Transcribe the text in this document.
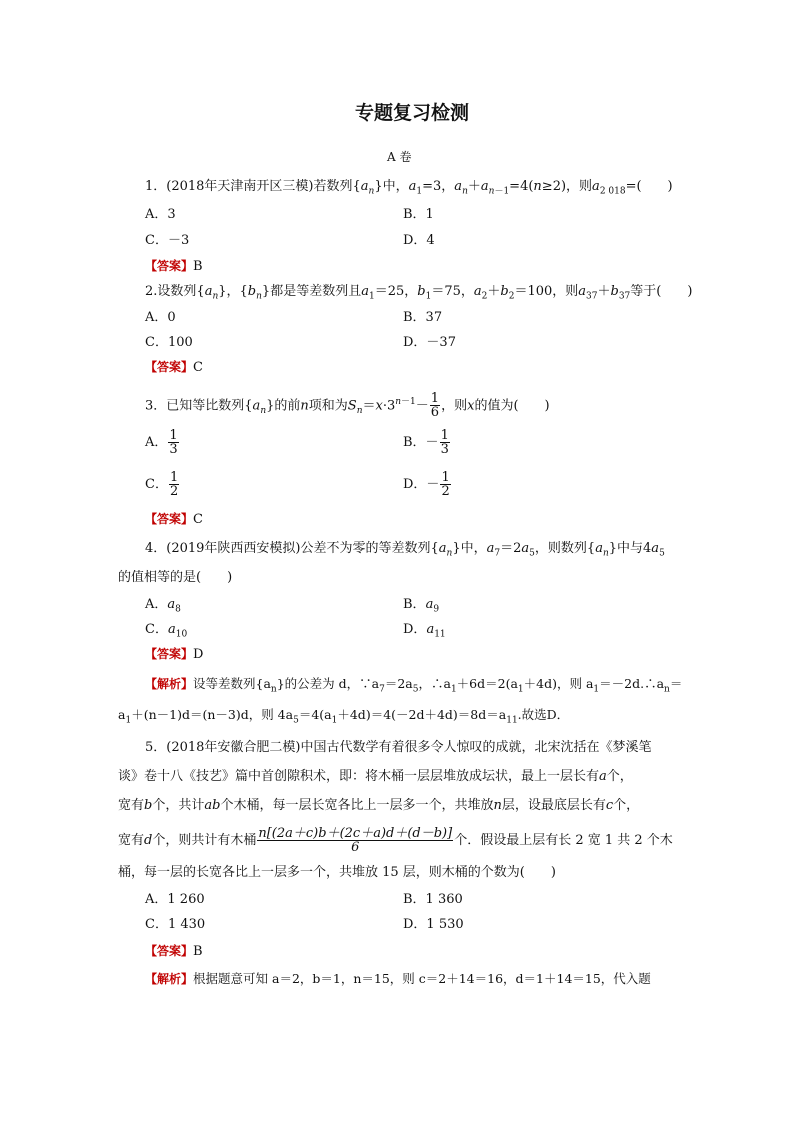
专题复习检测
A 卷
1．(2018年天津南开区三模)若数列$\{a_n\}$中，$a_1=3$，$a_n+a_{n-1}=4(n\ge 2)$，则$a_{2 018}=$(　　)
A．3	B．1
C．－3	D．4
【答案】B
2.设数列$\{a_n\}$，$\{b_n\}$都是等差数列且$a_1=25$，$b_1=75$，$a_2+b_2=100$，则$a_{37}+b_{37}$等于(　　)
A．0	B．37
C．100	D．－37
【答案】C
3．已知等比数列$\{a_n\}$的前n项和为$S_n=x\cdot 3^{n-1}- \frac{1}{6}$ ，则x的值为(　　)
A． $\frac{1}{3}$	B．－ $\frac{1}{3}$
C． $\frac{1}{2}$	D．－ $\frac{1}{2}$
【答案】C
4．(2019年陕西西安模拟)公差不为零的等差数列$\{a_n\}$中，$a_7=2a_5$，则数列$\{a_n\}$中与$4a_5$
的值相等的是(　　)
A．$a_8$	B．$a_9$
C．$a_{10}$	D．$a_{11}$
【答案】D
【解析】设等差数列$\{a_n\}$的公差为 d，$\because a_7=2a_5$，$\therefore a_1+6d=2(a_1+4d)$，则 $a_1=-2d.\therefore a_n=$
$a_1+(n-1)d=(n-3)d$，则 $4a_5=4(a_1+4d)=4(-2d+4d)=8d=a_{11}$.故选D．
5．(2018年安徽合肥二模)中国古代数学有着很多令人惊叹的成就，北宋沈括在《梦溪笔
谈》卷十八《技艺》篇中首创隙积术，即：将木桶一层层堆放成坛状，最上一层长有a个，
宽有b个，共计ab个木桶，每一层长宽各比上一层多一个，共堆放n层，设最底层长有c个，
宽有d个，则共计有木桶 $\frac{n[(2a+c)b+(2c+a)d+(d-b)]}{6}$ 个．假设最上层有长 2 宽 1 共 2 个木
桶，每一层的长宽各比上一层多一个，共堆放 15 层，则木桶的个数为(　　)
A．1 260	B．1 360
C．1 430	D．1 530
【答案】B
【解析】根据题意可知 a＝2，b＝1，n＝15，则 c＝2＋14＝16，d＝1＋14＝15，代入题
